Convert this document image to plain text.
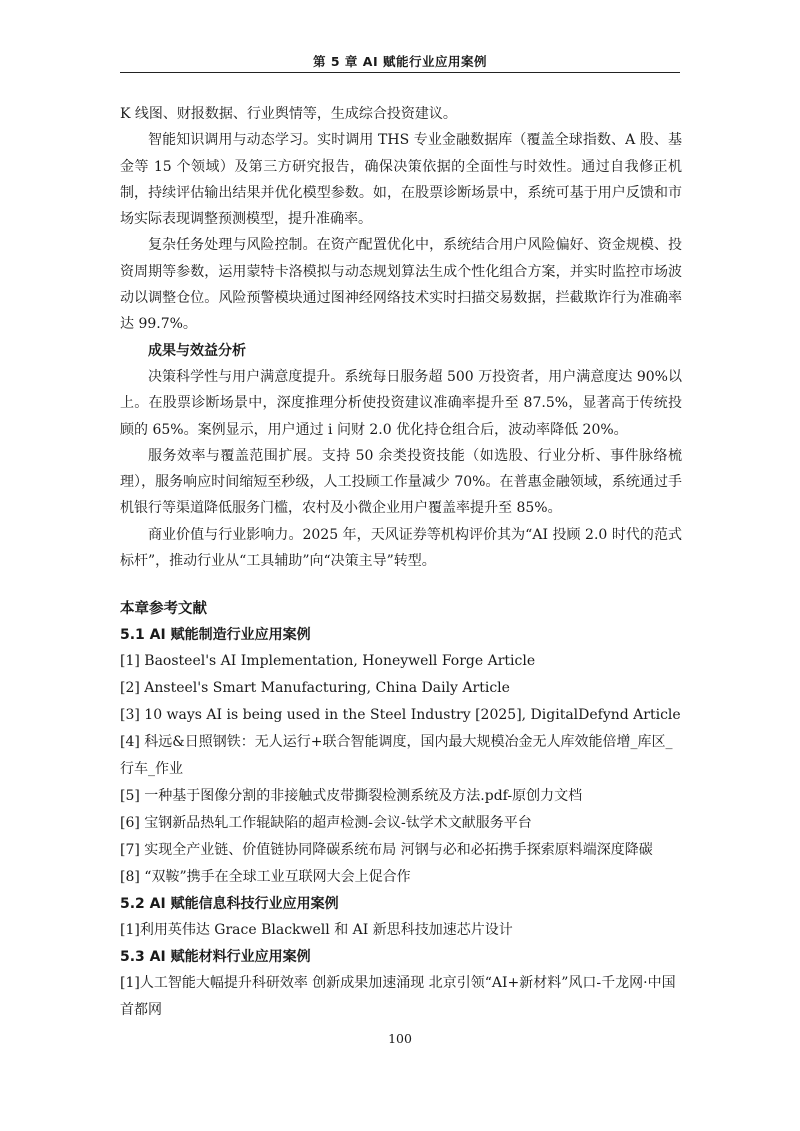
第 5 章 AI 赋能行业应用案例

K 线图、财报数据、行业舆情等，生成综合投资建议。

智能知识调用与动态学习。实时调用 THS 专业金融数据库（覆盖全球指数、A 股、基金等 15 个领域）及第三方研究报告，确保决策依据的全面性与时效性。通过自我修正机制，持续评估输出结果并优化模型参数。如，在股票诊断场景中，系统可基于用户反馈和市场实际表现调整预测模型，提升准确率。

复杂任务处理与风险控制。在资产配置优化中，系统结合用户风险偏好、资金规模、投资周期等参数，运用蒙特卡洛模拟与动态规划算法生成个性化组合方案，并实时监控市场波动以调整仓位。风险预警模块通过图神经网络技术实时扫描交易数据，拦截欺诈行为准确率达 99.7%。

成果与效益分析

决策科学性与用户满意度提升。系统每日服务超 500 万投资者，用户满意度达 90%以上。在股票诊断场景中，深度推理分析使投资建议准确率提升至 87.5%，显著高于传统投顾的 65%。案例显示，用户通过 i 问财 2.0 优化持仓组合后，波动率降低 20%。

服务效率与覆盖范围扩展。支持 50 余类投资技能（如选股、行业分析、事件脉络梳理），服务响应时间缩短至秒级，人工投顾工作量减少 70%。在普惠金融领域，系统通过手机银行等渠道降低服务门槛，农村及小微企业用户覆盖率提升至 85%。

商业价值与行业影响力。2025 年，天风证券等机构评价其为“AI 投顾 2.0 时代的范式标杆”，推动行业从“工具辅助”向“决策主导”转型。

本章参考文献

5.1 AI 赋能制造行业应用案例

[1] Baosteel's AI Implementation, Honeywell Forge Article

[2] Ansteel's Smart Manufacturing, China Daily Article

[3] 10 ways AI is being used in the Steel Industry [2025], DigitalDefynd Article

[4] 科远&日照钢铁：无人运行+联合智能调度，国内最大规模冶金无人库效能倍增_库区_行车_作业

[5] 一种基于图像分割的非接触式皮带撕裂检测系统及方法.pdf-原创力文档

[6] 宝钢新品热轧工作辊缺陷的超声检测-会议-钛学术文献服务平台

[7] 实现全产业链、价值链协同降碳系统布局 河钢与必和必拓携手探索原料端深度降碳

[8] “双鞍”携手在全球工业互联网大会上促合作

5.2 AI 赋能信息科技行业应用案例

[1]利用英伟达 Grace Blackwell 和 AI 新思科技加速芯片设计

5.3 AI 赋能材料行业应用案例

[1]人工智能大幅提升科研效率 创新成果加速涌现 北京引领“AI+新材料”风口-千龙网·中国首都网

100
